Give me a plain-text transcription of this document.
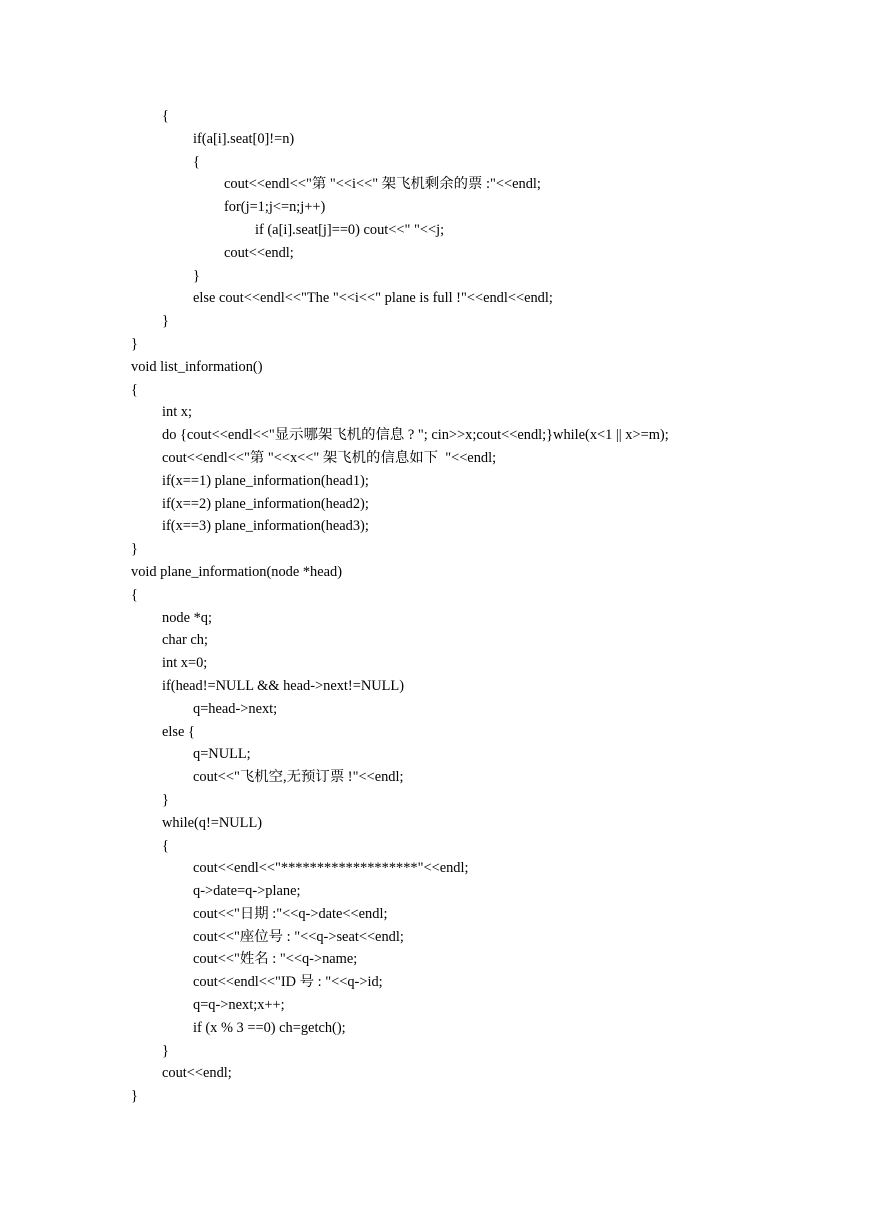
{
if(a[i].seat[0]!=n)
{
cout<<endl<<"第 "<<i<<" 架飞机剩余的票 :"<<endl;
for(j=1;j<=n;j++)
if (a[i].seat[j]==0) cout<<" "<<j;
cout<<endl;
}
else cout<<endl<<"The "<<i<<" plane is full !"<<endl<<endl;
}
}
void list_information()
{
int x;
do {cout<<endl<<"显示哪架飞机的信息 ? "; cin>>x;cout<<endl;}while(x<1 || x>=m);
cout<<endl<<"第 "<<x<<" 架飞机的信息如下  "<<endl;
if(x==1) plane_information(head1);
if(x==2) plane_information(head2);
if(x==3) plane_information(head3);
}
void plane_information(node *head)
{
node *q;
char ch;
int x=0;
if(head!=NULL && head->next!=NULL)
q=head->next;
else {
q=NULL;
cout<<"飞机空,无预订票 !"<<endl;
}
while(q!=NULL)
{
cout<<endl<<"*******************"<<endl;
q->date=q->plane;
cout<<"日期 :"<<q->date<<endl;
cout<<"座位号 : "<<q->seat<<endl;
cout<<"姓名 : "<<q->name;
cout<<endl<<"ID 号 : "<<q->id;
q=q->next;x++;
if (x % 3 ==0) ch=getch();
}
cout<<endl;
}
